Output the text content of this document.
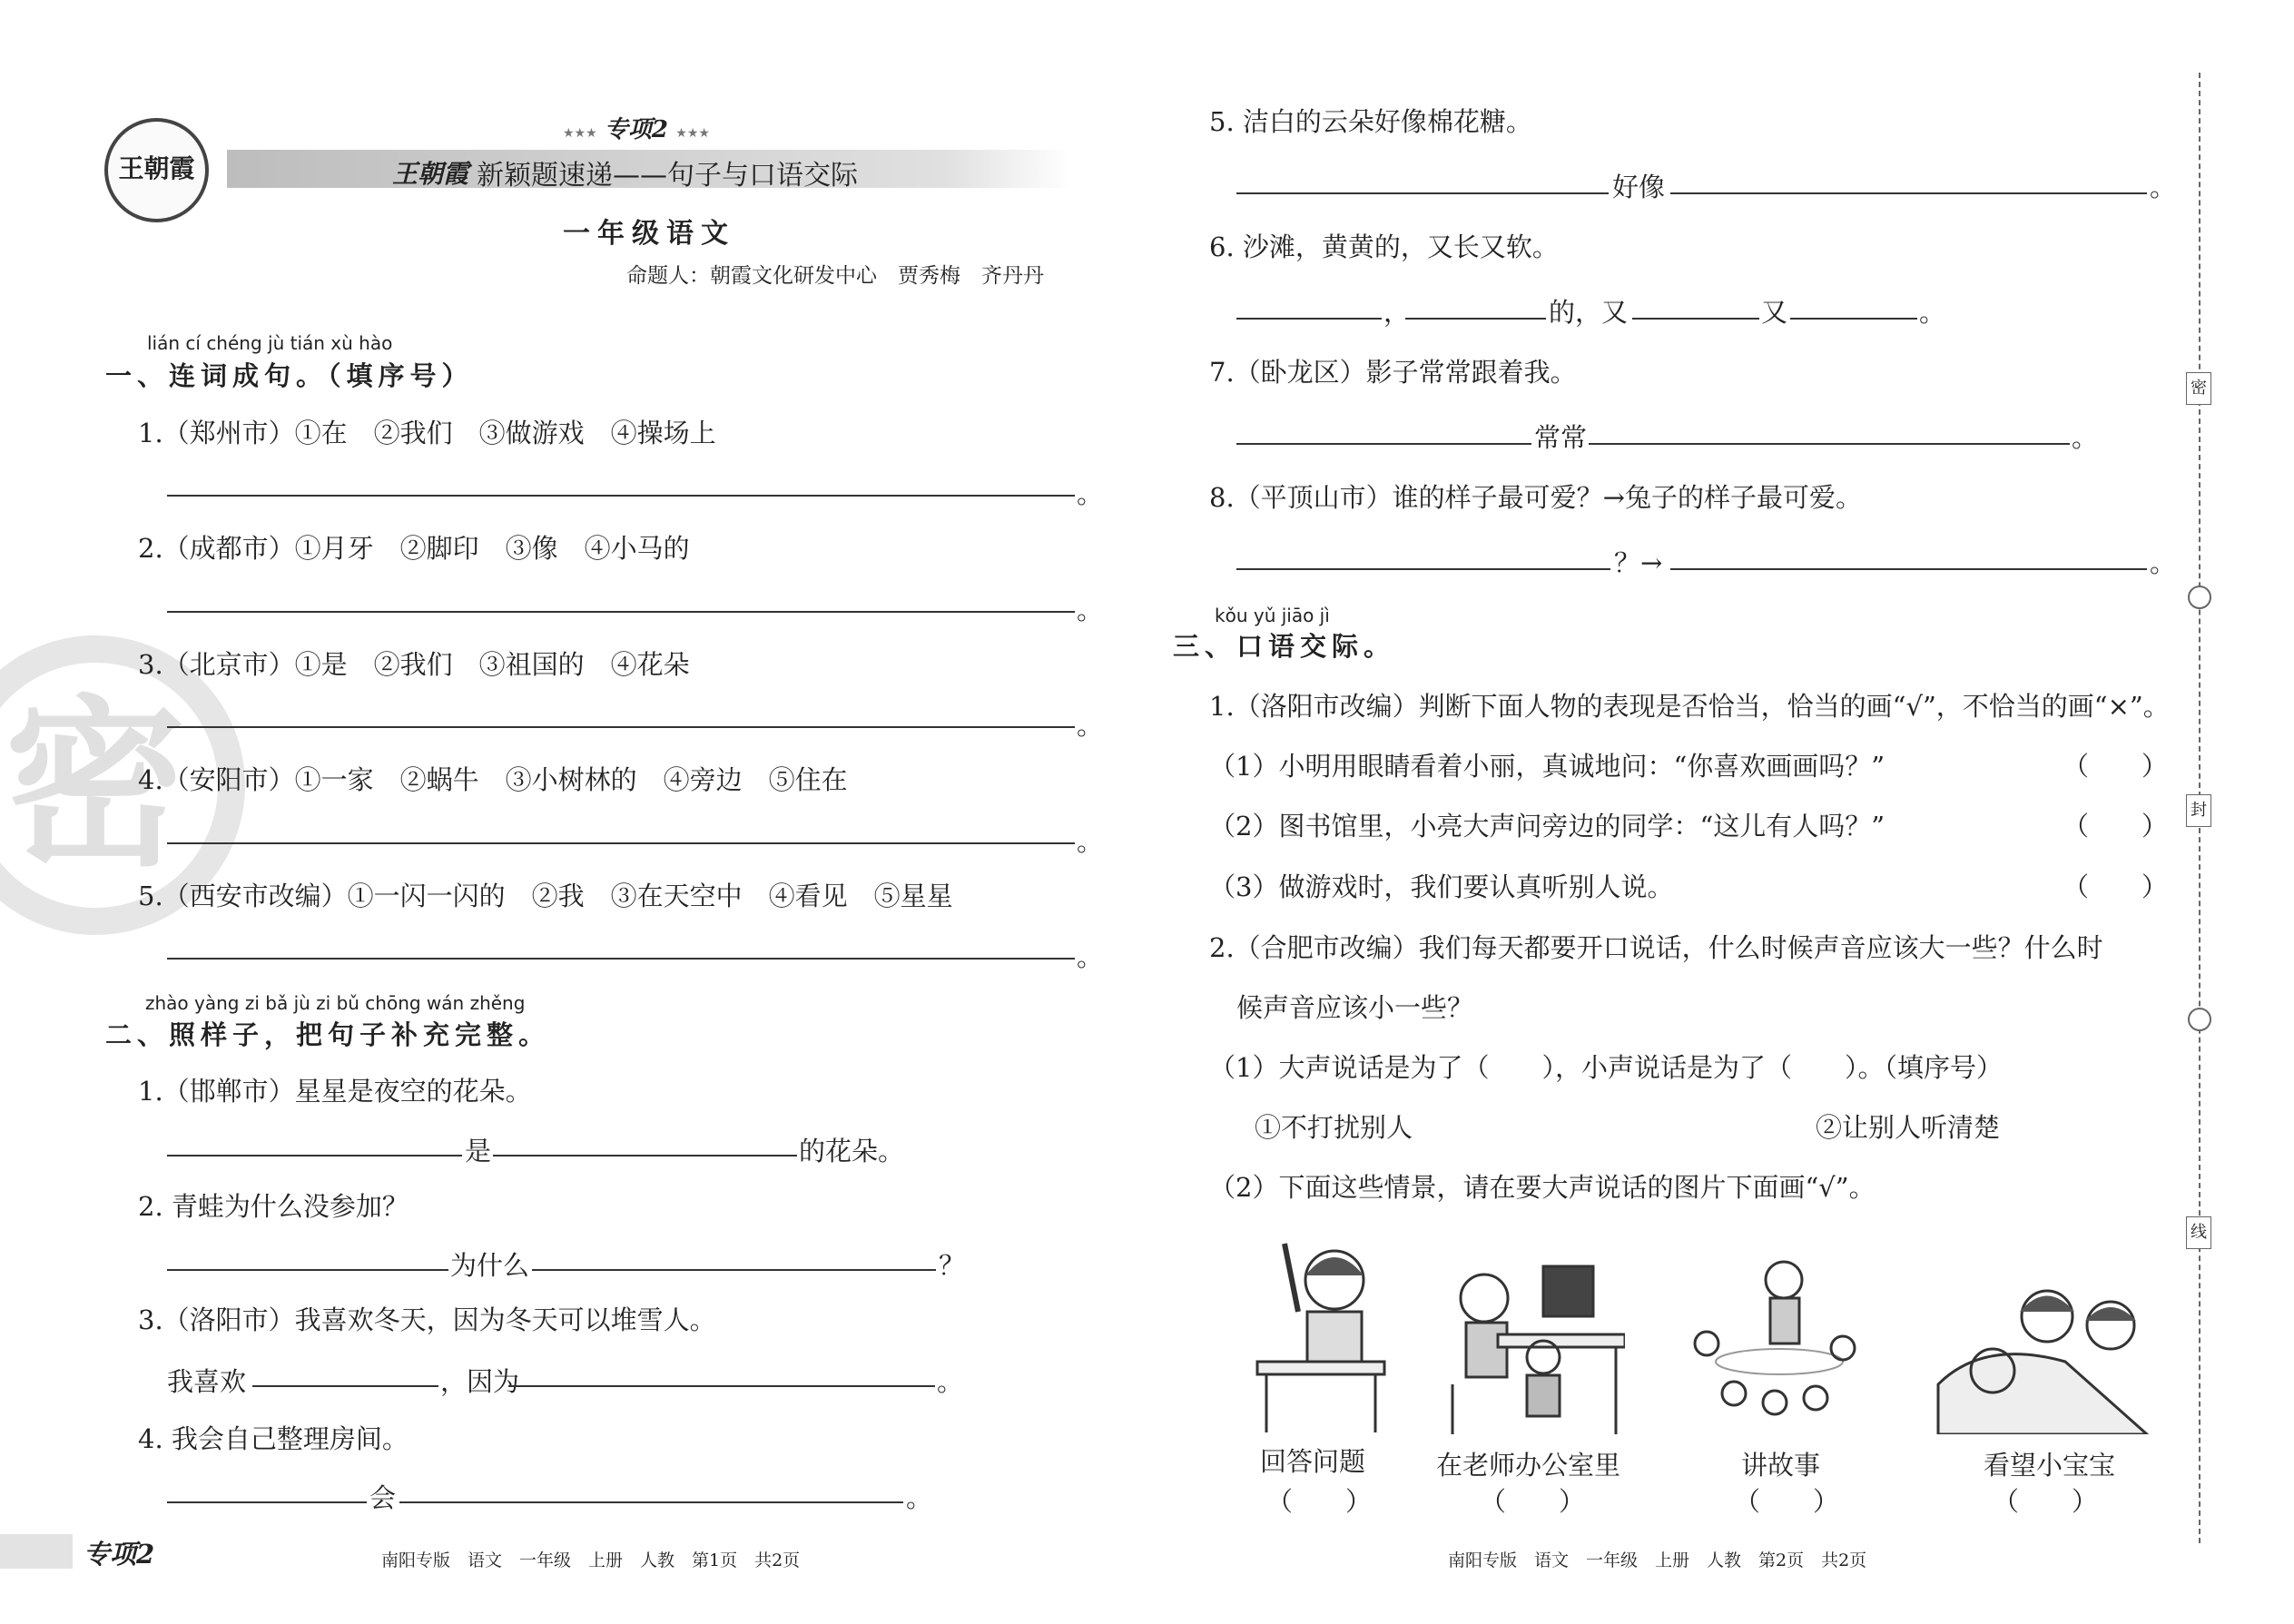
密
王朝霞
★★★ 专项2 ★★★
王朝霞 新颖题速递——句子与口语交际
一年级语文
命题人：朝霞文化研发中心　贾秀梅　齐丹丹
lián cí chéng jù tián xù hào
一、连词成句。（填序号）
1.（郑州市）①在　②我们　③做游戏　④操场上
。
2.（成都市）①月牙　②脚印　③像　④小马的
。
3.（北京市）①是　②我们　③祖国的　④花朵
。
4.（安阳市）①一家　②蜗牛　③小树林的　④旁边　⑤住在
。
5.（西安市改编）①一闪一闪的　②我　③在天空中　④看见　⑤星星
。
zhào yàng zi bǎ jù zi bǔ chōng wán zhěng
二、照样子，把句子补充完整。
1.（邯郸市）星星是夜空的花朵。
是	的花朵。
2. 青蛙为什么没参加？
为什么	？
3.（洛阳市）我喜欢冬天，因为冬天可以堆雪人。
我喜欢	，因为	。
4. 我会自己整理房间。
会	。
专项2	南阳专版　语文　一年级　上册　人教　第1页　共2页
5. 洁白的云朵好像棉花糖。
好像	。
6. 沙滩，黄黄的，又长又软。
，	的，又	又	。
7.（卧龙区）影子常常跟着我。
常常	。
8.（平顶山市）谁的样子最可爱？→兔子的样子最可爱。
？→	。
kǒu yǔ jiāo jì
三、口语交际。
1.（洛阳市改编）判断下面人物的表现是否恰当，恰当的画“√”，不恰当的画“×”。
（1）小明用眼睛看着小丽，真诚地问：“你喜欢画画吗？”	（　　）
（2）图书馆里，小亮大声问旁边的同学：“这儿有人吗？”	（　　）
（3）做游戏时，我们要认真听别人说。	（　　）
2.（合肥市改编）我们每天都要开口说话，什么时候声音应该大一些？什么时
候声音应该小一些？
（1）大声说话是为了（　　），小声说话是为了（　　）。（填序号）
①不打扰别人	②让别人听清楚
（2）下面这些情景，请在要大声说话的图片下面画“√”。
回答问题	在老师办公室里	讲故事	看望小宝宝
（　　）	（　　）	（　　）	（　　）
南阳专版　语文　一年级　上册　人教　第2页　共2页
密
封
线
